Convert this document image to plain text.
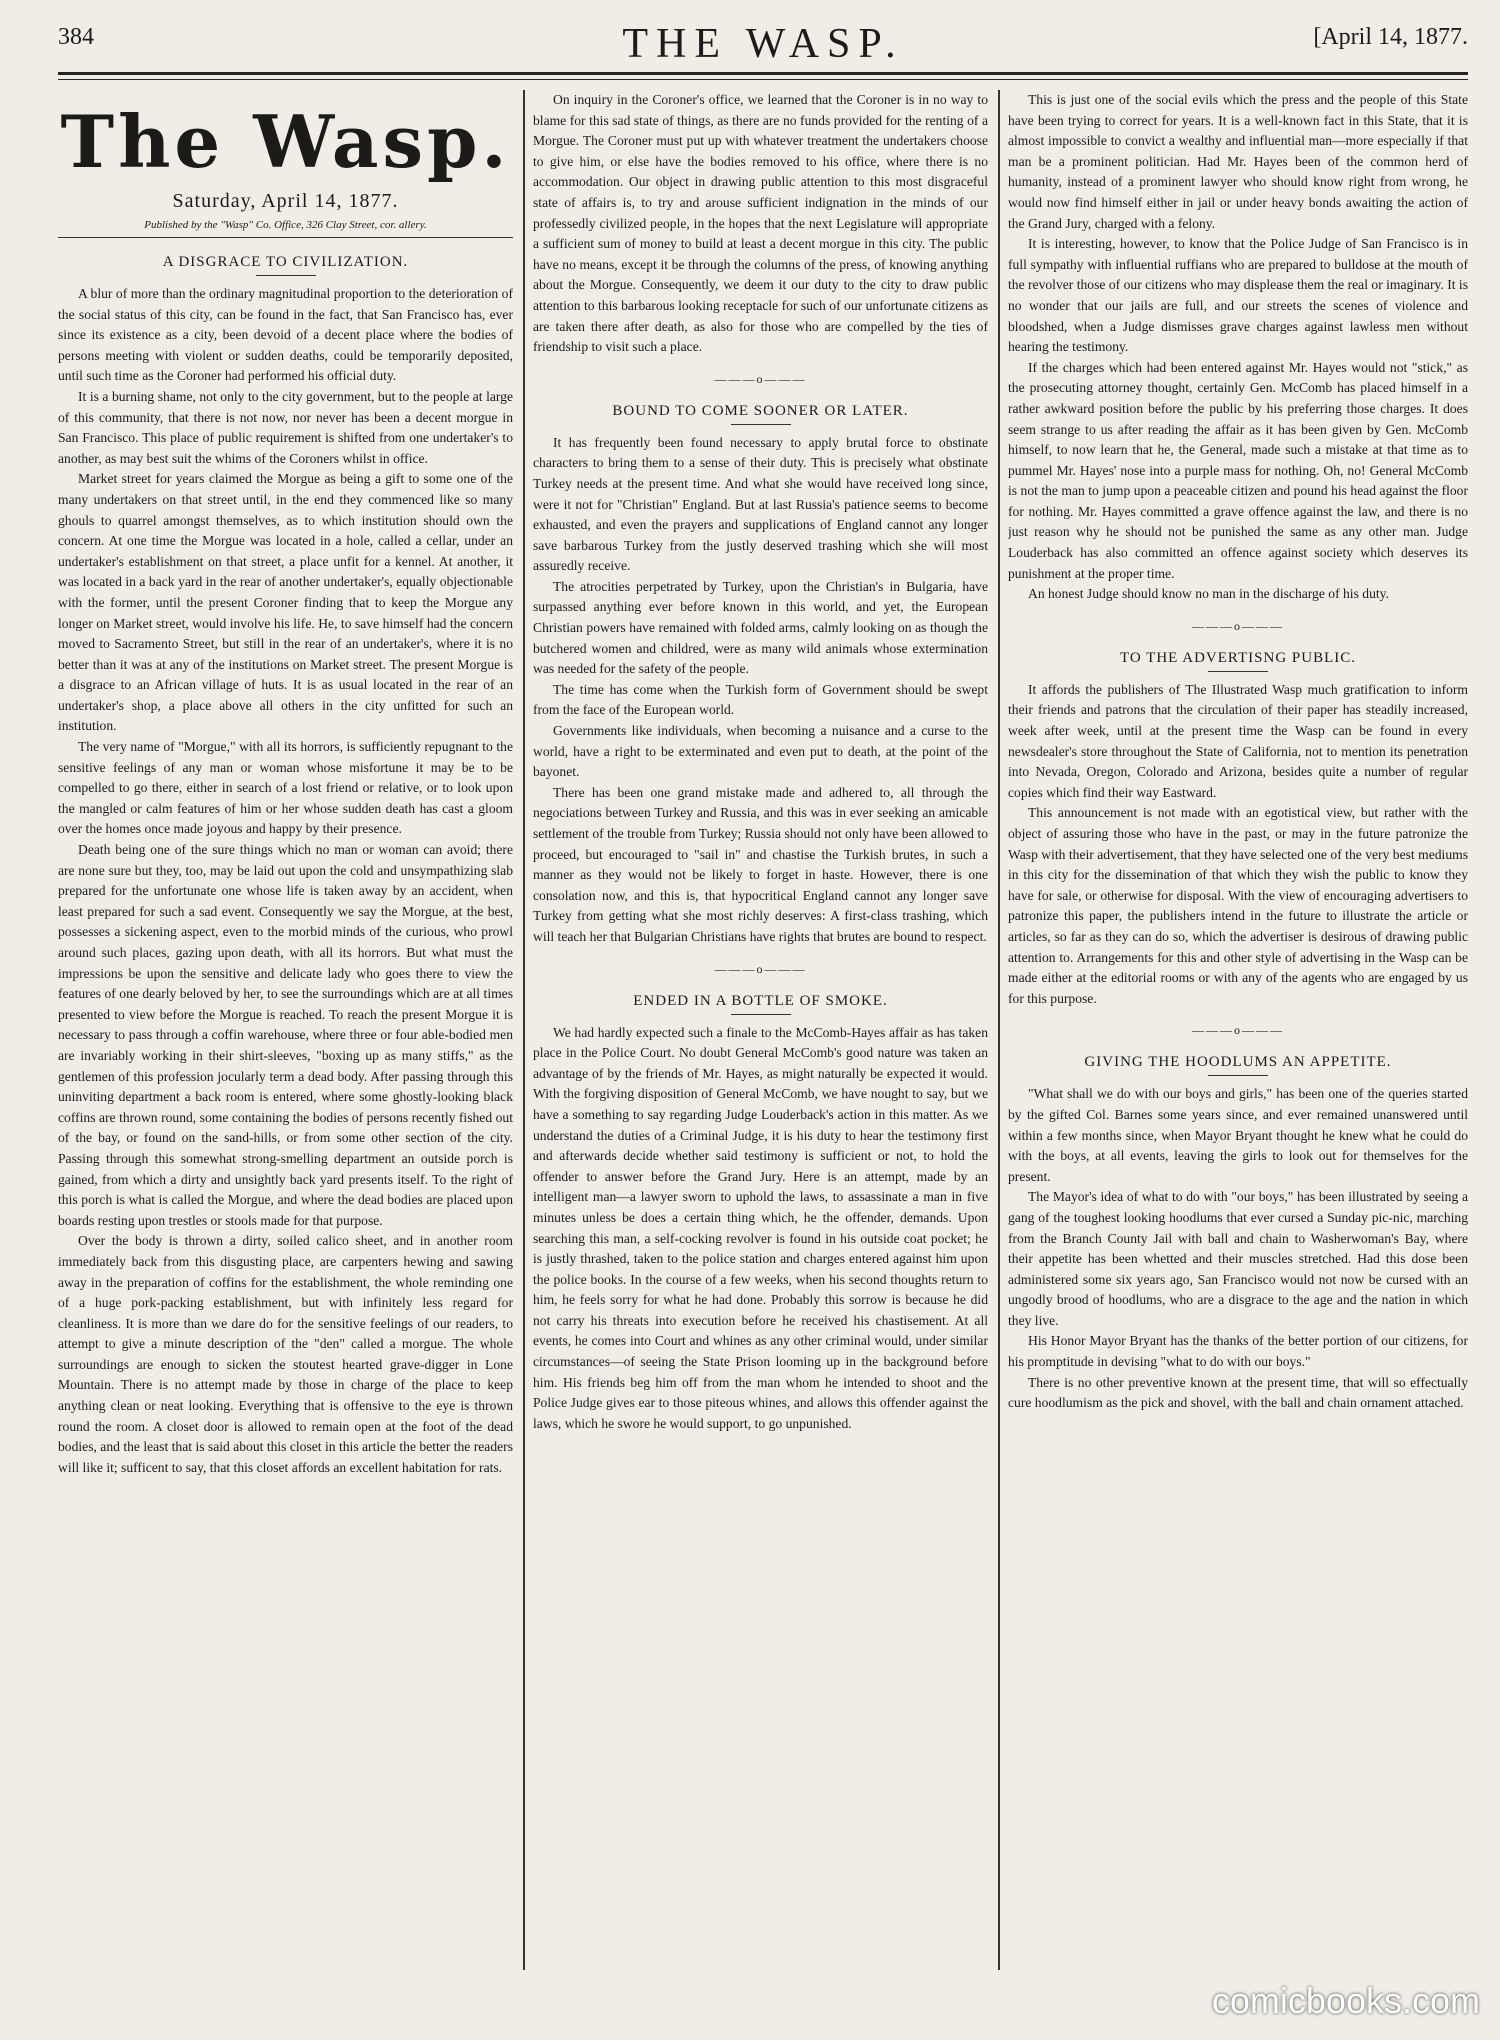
384	THE WASP.	[April 14, 1877.
The Wasp.
Saturday, April 14, 1877.
Published by the "Wasp" Co. Office, 326 Clay Street, cor. allery.
A DISGRACE TO CIVILIZATION.

A blur of more than the ordinary magnitudinal proportion to the deterioration of the social status of this city, can be found in the fact, that San Francisco has, ever since its existence as a city, been devoid of a decent place where the bodies of persons meeting with violent or sudden deaths, could be temporarily deposited, until such time as the Coroner had performed his official duty.

It is a burning shame, not only to the city government, but to the people at large of this community, that there is not now, nor never has been a decent morgue in San Francisco. This place of public requirement is shifted from one undertaker's to another, as may best suit the whims of the Coroners whilst in office.

Market street for years claimed the Morgue as being a gift to some one of the many undertakers on that street until, in the end they commenced like so many ghouls to quarrel amongst themselves, as to which institution should own the concern. At one time the Morgue was located in a hole, called a cellar, under an undertaker's establishment on that street, a place unfit for a kennel. At another, it was located in a back yard in the rear of another undertaker's, equally objectionable with the former, until the present Coroner finding that to keep the Morgue any longer on Market street, would involve his life. He, to save himself had the concern moved to Sacramento Street, but still in the rear of an undertaker's, where it is no better than it was at any of the institutions on Market street. The present Morgue is a disgrace to an African village of huts. It is as usual located in the rear of an undertaker's shop, a place above all others in the city unfitted for such an institution.

The very name of "Morgue," with all its horrors, is sufficiently repugnant to the sensitive feelings of any man or woman whose misfortune it may be to be compelled to go there, either in search of a lost friend or relative, or to look upon the mangled or calm features of him or her whose sudden death has cast a gloom over the homes once made joyous and happy by their presence.

Death being one of the sure things which no man or woman can avoid; there are none sure but they, too, may be laid out upon the cold and unsympathizing slab prepared for the unfortunate one whose life is taken away by an accident, when least prepared for such a sad event. Consequently we say the Morgue, at the best, possesses a sickening aspect, even to the morbid minds of the curious, who prowl around such places, gazing upon death, with all its horrors. But what must the impressions be upon the sensitive and delicate lady who goes there to view the features of one dearly beloved by her, to see the surroundings which are at all times presented to view before the Morgue is reached. To reach the present Morgue it is necessary to pass through a coffin warehouse, where three or four able-bodied men are invariably working in their shirt-sleeves, "boxing up as many stiffs," as the gentlemen of this profession jocularly term a dead body. After passing through this uninviting department a back room is entered, where some ghostly-looking black coffins are thrown round, some containing the bodies of persons recently fished out of the bay, or found on the sand-hills, or from some other section of the city. Passing through this somewhat strong-smelling department an outside porch is gained, from which a dirty and unsightly back yard presents itself. To the right of this porch is what is called the Morgue, and where the dead bodies are placed upon boards resting upon trestles or stools made for that purpose.

Over the body is thrown a dirty, soiled calico sheet, and in another room immediately back from this disgusting place, are carpenters hewing and sawing away in the preparation of coffins for the establishment, the whole reminding one of a huge pork-packing establishment, but with infinitely less regard for cleanliness. It is more than we dare do for the sensitive feelings of our readers, to attempt to give a minute description of the "den" called a morgue. The whole surroundings are enough to sicken the stoutest hearted grave-digger in Lone Mountain. There is no attempt made by those in charge of the place to keep anything clean or neat looking. Everything that is offensive to the eye is thrown round the room. A closet door is allowed to remain open at the foot of the dead bodies, and the least that is said about this closet in this article the better the readers will like it; sufficent to say, that this closet affords an excellent habitation for rats.

On inquiry in the Coroner's office, we learned that the Coroner is in no way to blame for this sad state of things, as there are no funds provided for the renting of a Morgue. The Coroner must put up with whatever treatment the undertakers choose to give him, or else have the bodies removed to his office, where there is no accommodation. Our object in drawing public attention to this most disgraceful state of affairs is, to try and arouse sufficient indignation in the minds of our professedly civilized people, in the hopes that the next Legislature will appropriate a sufficient sum of money to build at least a decent morgue in this city. The public have no means, except it be through the columns of the press, of knowing anything about the Morgue. Consequently, we deem it our duty to the city to draw public attention to this barbarous looking receptacle for such of our unfortunate citizens as are taken there after death, as also for those who are compelled by the ties of friendship to visit such a place.

———o———
BOUND TO COME SOONER OR LATER.

It has frequently been found necessary to apply brutal force to obstinate characters to bring them to a sense of their duty. This is precisely what obstinate Turkey needs at the present time. And what she would have received long since, were it not for "Christian" England. But at last Russia's patience seems to become exhausted, and even the prayers and supplications of England cannot any longer save barbarous Turkey from the justly deserved trashing which she will most assuredly receive.

The atrocities perpetrated by Turkey, upon the Christian's in Bulgaria, have surpassed anything ever before known in this world, and yet, the European Christian powers have remained with folded arms, calmly looking on as though the butchered women and childred, were as many wild animals whose extermination was needed for the safety of the people.

The time has come when the Turkish form of Government should be swept from the face of the European world.

Governments like individuals, when becoming a nuisance and a curse to the world, have a right to be exterminated and even put to death, at the point of the bayonet.

There has been one grand mistake made and adhered to, all through the negociations between Turkey and Russia, and this was in ever seeking an amicable settlement of the trouble from Turkey; Russia should not only have been allowed to proceed, but encouraged to "sail in" and chastise the Turkish brutes, in such a manner as they would not be likely to forget in haste. However, there is one consolation now, and this is, that hypocritical England cannot any longer save Turkey from getting what she most richly deserves: A first-class trashing, which will teach her that Bulgarian Christians have rights that brutes are bound to respect.

———o———
ENDED IN A BOTTLE OF SMOKE.

We had hardly expected such a finale to the McComb-Hayes affair as has taken place in the Police Court. No doubt General McComb's good nature was taken an advantage of by the friends of Mr. Hayes, as might naturally be expected it would. With the forgiving disposition of General McComb, we have nought to say, but we have a something to say regarding Judge Louderback's action in this matter. As we understand the duties of a Criminal Judge, it is his duty to hear the testimony first and afterwards decide whether said testimony is sufficient or not, to hold the offender to answer before the Grand Jury. Here is an attempt, made by an intelligent man—a lawyer sworn to uphold the laws, to assassinate a man in five minutes unless be does a certain thing which, he the offender, demands. Upon searching this man, a self-cocking revolver is found in his outside coat pocket; he is justly thrashed, taken to the police station and charges entered against him upon the police books. In the course of a few weeks, when his second thoughts return to him, he feels sorry for what he had done. Probably this sorrow is because he did not carry his threats into execution before he received his chastisement. At all events, he comes into Court and whines as any other criminal would, under similar circumstances—of seeing the State Prison looming up in the background before him. His friends beg him off from the man whom he intended to shoot and the Police Judge gives ear to those piteous whines, and allows this offender against the laws, which he swore he would support, to go unpunished.

This is just one of the social evils which the press and the people of this State have been trying to correct for years. It is a well-known fact in this State, that it is almost impossible to convict a wealthy and influential man—more especially if that man be a prominent politician. Had Mr. Hayes been of the common herd of humanity, instead of a prominent lawyer who should know right from wrong, he would now find himself either in jail or under heavy bonds awaiting the action of the Grand Jury, charged with a felony.

It is interesting, however, to know that the Police Judge of San Francisco is in full sympathy with influential ruffians who are prepared to bulldose at the mouth of the revolver those of our citizens who may displease them the real or imaginary. It is no wonder that our jails are full, and our streets the scenes of violence and bloodshed, when a Judge dismisses grave charges against lawless men without hearing the testimony.

If the charges which had been entered against Mr. Hayes would not "stick," as the prosecuting attorney thought, certainly Gen. McComb has placed himself in a rather awkward position before the public by his preferring those charges. It does seem strange to us after reading the affair as it has been given by Gen. McComb himself, to now learn that he, the General, made such a mistake at that time as to pummel Mr. Hayes' nose into a purple mass for nothing. Oh, no! General McComb is not the man to jump upon a peaceable citizen and pound his head against the floor for nothing. Mr. Hayes committed a grave offence against the law, and there is no just reason why he should not be punished the same as any other man. Judge Louderback has also committed an offence against society which deserves its punishment at the proper time.

An honest Judge should know no man in the discharge of his duty.

———o———
TO THE ADVERTISNG PUBLIC.

It affords the publishers of The Illustrated Wasp much gratification to inform their friends and patrons that the circulation of their paper has steadily increased, week after week, until at the present time the Wasp can be found in every newsdealer's store throughout the State of California, not to mention its penetration into Nevada, Oregon, Colorado and Arizona, besides quite a number of regular copies which find their way Eastward.

This announcement is not made with an egotistical view, but rather with the object of assuring those who have in the past, or may in the future patronize the Wasp with their advertisement, that they have selected one of the very best mediums in this city for the dissemination of that which they wish the public to know they have for sale, or otherwise for disposal. With the view of encouraging advertisers to patronize this paper, the publishers intend in the future to illustrate the article or articles, so far as they can do so, which the advertiser is desirous of drawing public attention to. Arrangements for this and other style of advertising in the Wasp can be made either at the editorial rooms or with any of the agents who are engaged by us for this purpose.

———o———
GIVING THE HOODLUMS AN APPETITE.

"What shall we do with our boys and girls," has been one of the queries started by the gifted Col. Barnes some years since, and ever remained unanswered until within a few months since, when Mayor Bryant thought he knew what he could do with the boys, at all events, leaving the girls to look out for themselves for the present.

The Mayor's idea of what to do with "our boys," has been illustrated by seeing a gang of the toughest looking hoodlums that ever cursed a Sunday pic-nic, marching from the Branch County Jail with ball and chain to Washerwoman's Bay, where their appetite has been whetted and their muscles stretched. Had this dose been administered some six years ago, San Francisco would not now be cursed with an ungodly brood of hoodlums, who are a disgrace to the age and the nation in which they live.

His Honor Mayor Bryant has the thanks of the better portion of our citizens, for his promptitude in devising "what to do with our boys."

There is no other preventive known at the present time, that will so effectually cure hoodlumism as the pick and shovel, with the ball and chain ornament attached.

comicbooks.com
